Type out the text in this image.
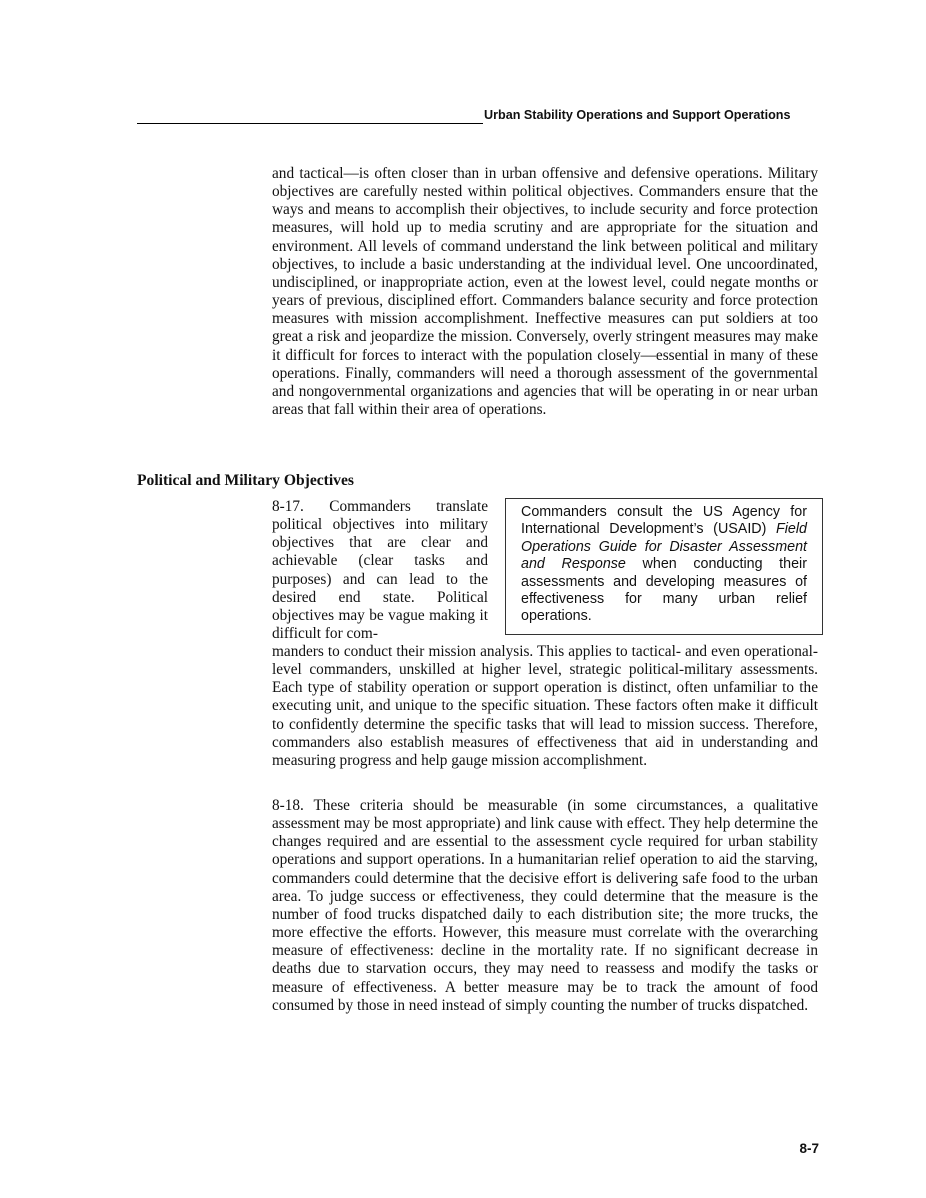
Urban Stability Operations and Support Operations

and tactical—is often closer than in urban offensive and defensive operations. Military objectives are carefully nested within political objectives. Commanders ensure that the ways and means to accomplish their objectives, to include security and force protection measures, will hold up to media scrutiny and are appropriate for the situation and environment. All levels of command understand the link between political and military objectives, to include a basic understanding at the individual level. One uncoordinated, undisciplined, or inappropriate action, even at the lowest level, could negate months or years of previous, disciplined effort. Commanders balance security and force protection measures with mission accomplishment. Ineffective measures can put soldiers at too great a risk and jeopardize the mission. Conversely, overly stringent measures may make it difficult for forces to interact with the population closely—essential in many of these operations. Finally, commanders will need a thorough assessment of the governmental and nongovernmental organizations and agencies that will be operating in or near urban areas that fall within their area of operations.

Political and Military Objectives

8-17. Commanders translate political objectives into military objectives that are clear and achievable (clear tasks and purposes) and can lead to the desired end state. Political objectives may be vague making it difficult for com-

Commanders consult the US Agency for International Development’s (USAID) Field Operations Guide for Disaster Assessment and Response when conducting their assessments and developing measures of effectiveness for many urban relief operations.

manders to conduct their mission analysis. This applies to tactical- and even operational-level commanders, unskilled at higher level, strategic political-military assessments. Each type of stability operation or support operation is distinct, often unfamiliar to the executing unit, and unique to the specific situation. These factors often make it difficult to confidently determine the specific tasks that will lead to mission success. Therefore, commanders also establish measures of effectiveness that aid in understanding and measuring progress and help gauge mission accomplishment.

8-18. These criteria should be measurable (in some circumstances, a qualitative assessment may be most appropriate) and link cause with effect. They help determine the changes required and are essential to the assessment cycle required for urban stability operations and support operations. In a humanitarian relief operation to aid the starving, commanders could determine that the decisive effort is delivering safe food to the urban area. To judge success or effectiveness, they could determine that the measure is the number of food trucks dispatched daily to each distribution site; the more trucks, the more effective the efforts. However, this measure must correlate with the overarching measure of effectiveness: decline in the mortality rate. If no significant decrease in deaths due to starvation occurs, they may need to reassess and modify the tasks or measure of effectiveness. A better measure may be to track the amount of food consumed by those in need instead of simply counting the number of trucks dispatched.

8-7
